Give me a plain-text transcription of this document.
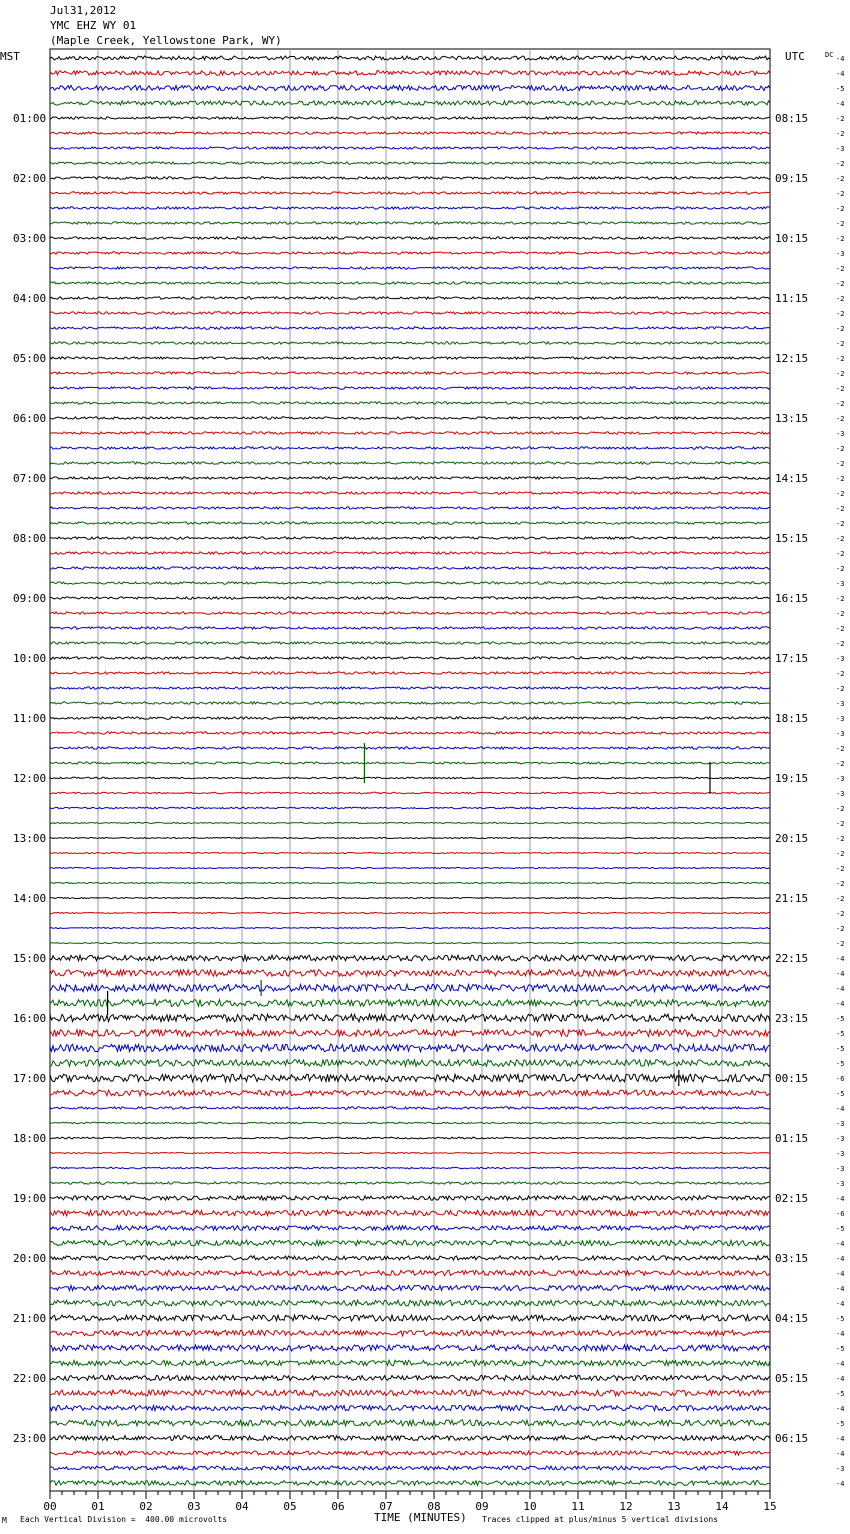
Jul31,2012
YMC EHZ WY 01
(Maple Creek, Yellowstone Park, WY)
MST	UTC	DC
01:00
02:00
03:00
04:00
05:00
06:00
07:00
08:00
09:00
10:00
11:00
12:00
13:00
14:00
15:00
16:00
17:00
18:00
19:00
20:00
21:00
22:00
23:00
08:15
09:15
10:15
11:15
12:15
13:15
14:15
15:15
16:15
17:15
18:15
19:15
20:15
21:15
22:15
23:15
00:15
01:15
02:15
03:15
04:15
05:15
06:15
-4
-4
-5
-4
-2
-2
-3
-2
-2
-2
-2
-2
-2
-3
-2
-2
-2
-2
-2
-2
-2
-2
-2
-2
-2
-3
-2
-2
-2
-2
-2
-2
-2
-2
-2
-3
-2
-2
-2
-2
-3
-2
-2
-3
-3
-3
-2
-2
-3
-3
-2
-2
-2
-2
-2
-2
-2
-2
-2
-2
-4
-4
-4
-4
-5
-5
-5
-5
-6
-5
-4
-3
-3
-3
-3
-3
-4
-6
-5
-4
-4
-4
-4
-4
-5
-4
-5
-4
-4
-5
-4
-5
-4
-4
-3
-4
00	01	02	03	04	05	06	07	08	09	10	11	12	13	14	15
M Each Vertical Division =  400.00 microvolts	TIME (MINUTES) Traces clipped at plus/minus 5 vertical divisions
